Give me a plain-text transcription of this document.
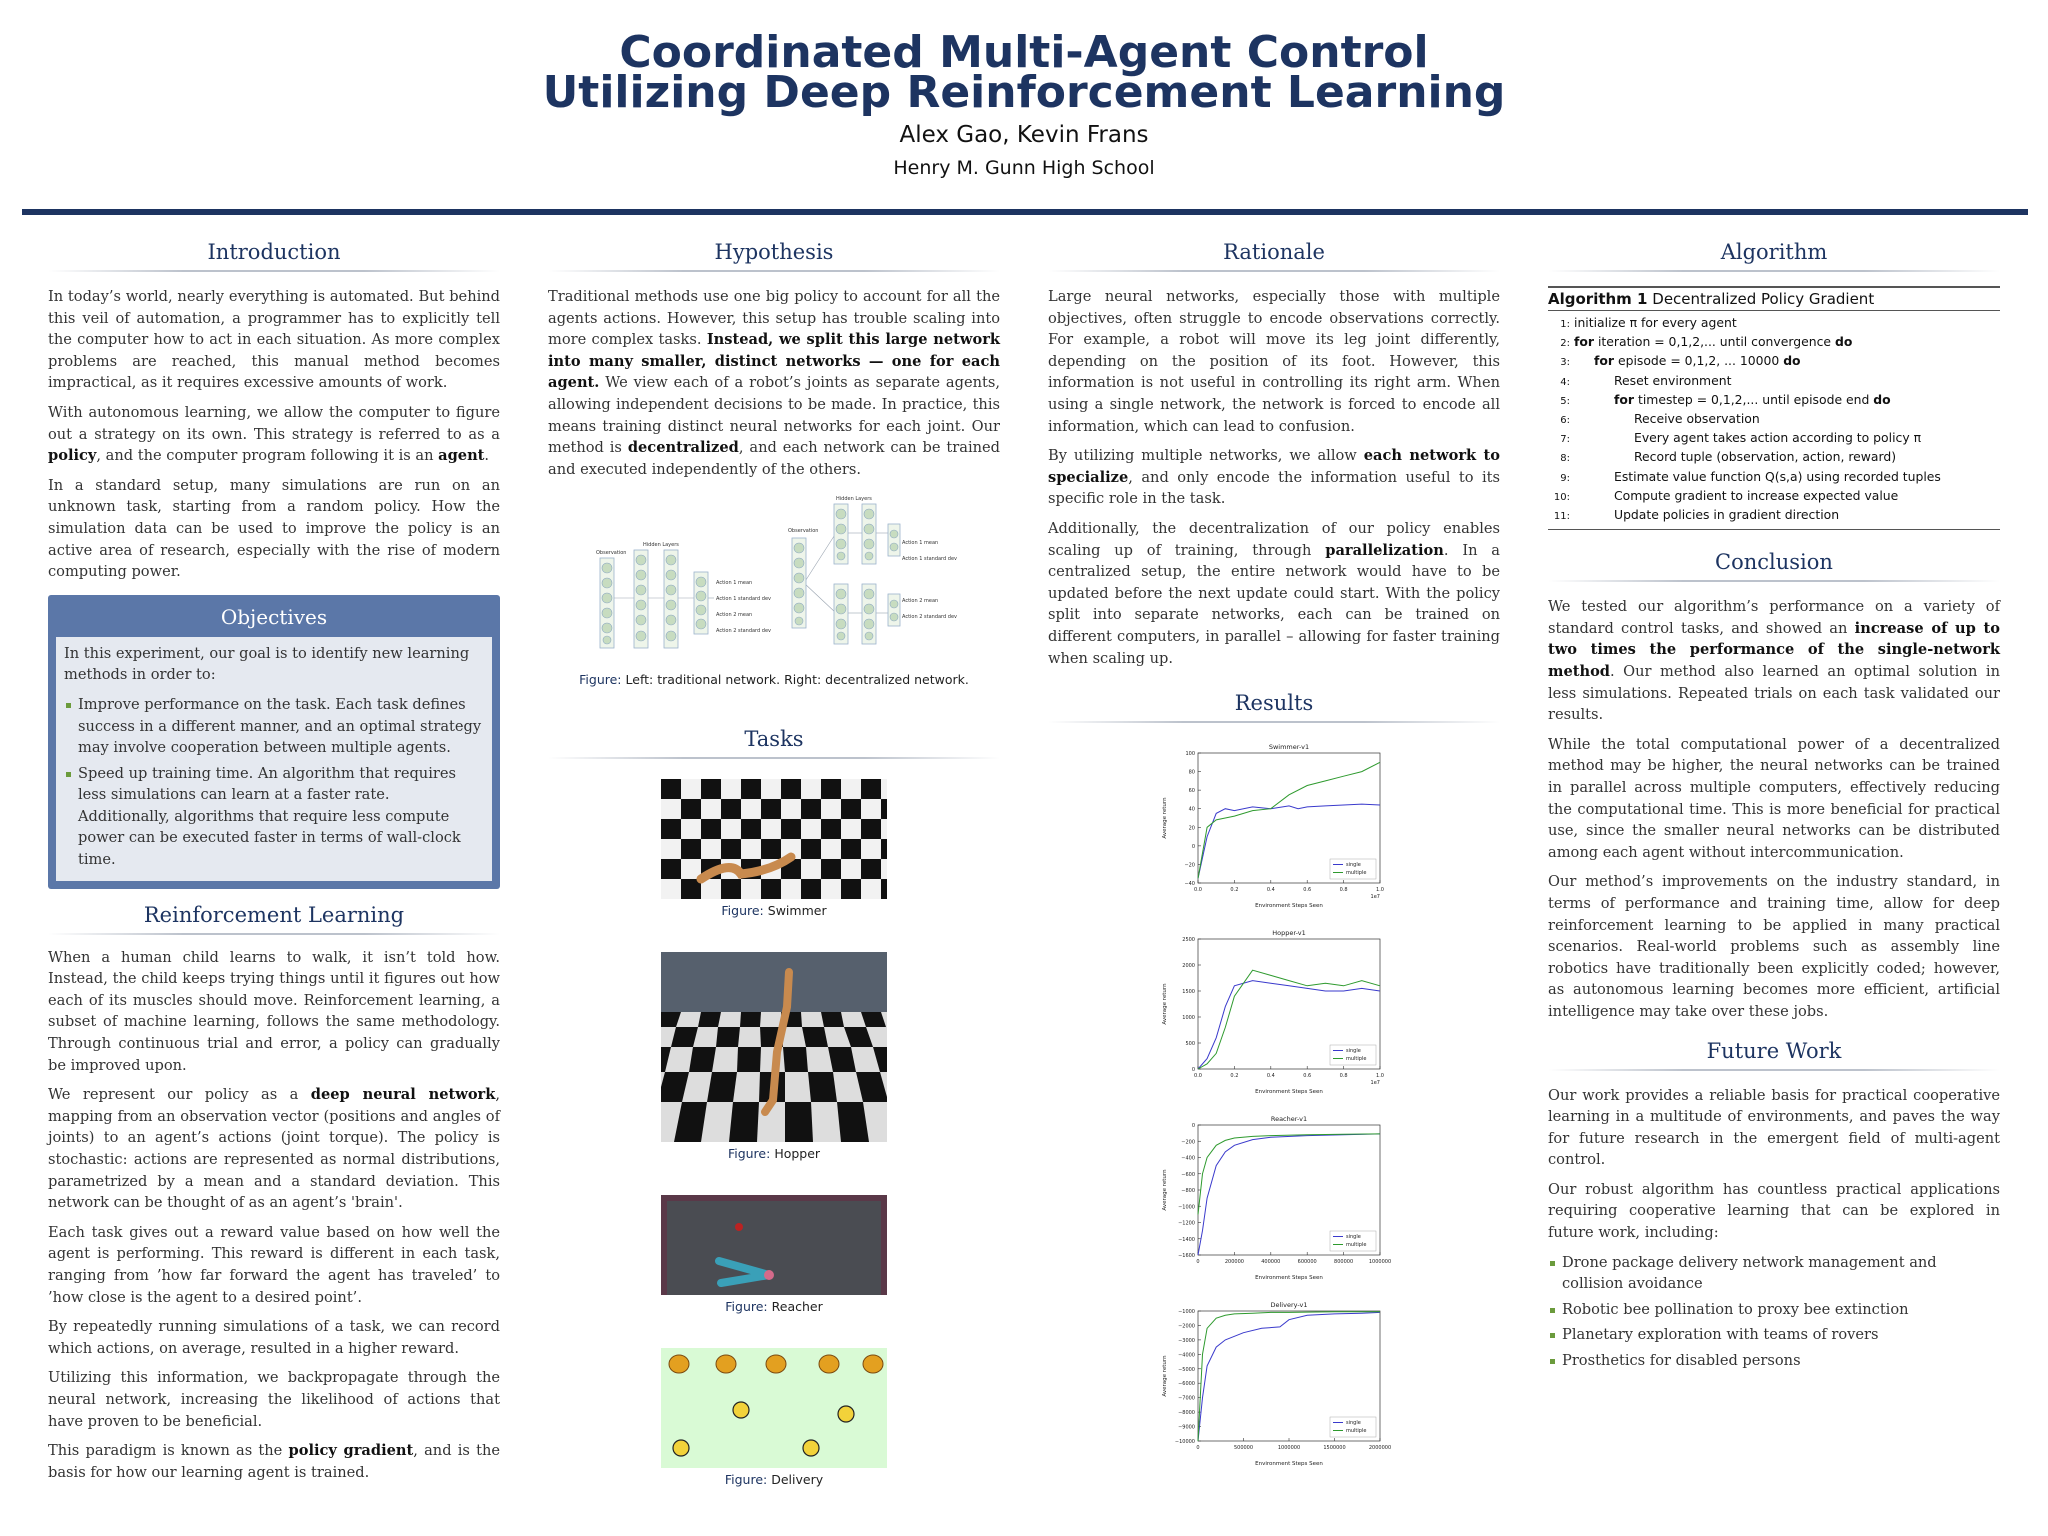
Coordinated Multi-Agent Control
Utilizing Deep Reinforcement Learning
Alex Gao, Kevin Frans
Henry M. Gunn High School
Introduction

In today’s world, nearly everything is automated. But behind this veil of automation, a programmer has to explicitly tell the computer how to act in each situation. As more complex problems are reached, this manual method becomes impractical, as it requires excessive amounts of work.

With autonomous learning, we allow the computer to figure out a strategy on its own. This strategy is referred to as a policy, and the computer program following it is an agent.

In a standard setup, many simulations are run on an unknown task, starting from a random policy. How the simulation data can be used to improve the policy is an active area of research, especially with the rise of modern computing power.

Objectives

In this experiment, our goal is to identify new learning methods in order to:

Improve performance on the task. Each task defines success in a different manner, and an optimal strategy may involve cooperation between multiple agents.
Speed up training time. An algorithm that requires less simulations can learn at a faster rate. Additionally, algorithms that require less compute power can be executed faster in terms of wall-clock time.
Reinforcement Learning

When a human child learns to walk, it isn’t told how. Instead, the child keeps trying things until it figures out how each of its muscles should move. Reinforcement learning, a subset of machine learning, follows the same methodology. Through continuous trial and error, a policy can gradually be improved upon.

We represent our policy as a deep neural network, mapping from an observation vector (positions and angles of joints) to an agent’s actions (joint torque). The policy is stochastic: actions are represented as normal distributions, parametrized by a mean and a standard deviation. This network can be thought of as an agent’s 'brain'.

Each task gives out a reward value based on how well the agent is performing. This reward is different in each task, ranging from ’how far forward the agent has traveled’ to ’how close is the agent to a desired point’.

By repeatedly running simulations of a task, we can record which actions, on average, resulted in a higher reward.

Utilizing this information, we backpropagate through the neural network, increasing the likelihood of actions that have proven to be beneficial.

This paradigm is known as the policy gradient, and is the basis for how our learning agent is trained.

Hypothesis

Traditional methods use one big policy to account for all the agents actions. However, this setup has trouble scaling into more complex tasks. Instead, we split this large network into many smaller, distinct networks — one for each agent. We view each of a robot’s joints as separate agents, allowing independent decisions to be made. In practice, this means training distinct neural networks for each joint. Our method is decentralized, and each network can be trained and executed independently of the others.

Observation
Hidden Layers
Observation
Hidden Layers
Action 1 mean
Action 1 standard dev
Action 2 mean
Action 2 standard dev
Action 1 mean
Action 1 standard dev
Action 2 mean
Action 2 standard dev
Figure: Left: traditional network. Right: decentralized network.
Tasks
Figure: Swimmer
Figure: Hopper
Figure: Reacher
Figure: Delivery
Rationale

Large neural networks, especially those with multiple objectives, often struggle to encode observations correctly. For example, a robot will move its leg joint differently, depending on the position of its foot. However, this information is not useful in controlling its right arm. When using a single network, the network is forced to encode all information, which can lead to confusion.

By utilizing multiple networks, we allow each network to specialize, and only encode the information useful to its specific role in the task.

Additionally, the decentralization of our policy enables scaling up of training, through parallelization. In a centralized setup, the entire network would have to be updated before the next update could start. With the policy split into separate networks, each can be trained on different computers, in parallel – allowing for faster training when scaling up.

Results
Swimmer-v1
0.0	0.2	0.4	0.6	0.8	1.0
−40
−20
0
20
40
60
80
100
1e7
Environment Steps Seen
Average return
single
multiple
Hopper-v1
0.0	0.2	0.4	0.6	0.8	1.0
0
500
1000
1500
2000
2500
1e7
Environment Steps Seen
Average return
single
multiple
Reacher-v1
0	200000	400000	600000	800000	1000000
−1600
−1400
−1200
−1000
−800
−600
−400
−200
0
Environment Steps Seen
Average return
single
multiple
Delivery-v1
0	500000	1000000	1500000	2000000
−10000
−9000
−8000
−7000
−6000
−5000
−4000
−3000
−2000
−1000
Environment Steps Seen
Average return
single
multiple
Algorithm
Algorithm 1 Decentralized Policy Gradient
1: initialize π for every agent
2: for iteration = 0,1,2,... until convergence do
3: for episode = 0,1,2, ... 10000 do
4:	Reset environment
5:	for timestep = 0,1,2,... until episode end do
6:	Receive observation
7:	Every agent takes action according to policy π
8:	Record tuple (observation, action, reward)
9:	Estimate value function Q(s,a) using recorded tuples
10:	Compute gradient to increase expected value
11:	Update policies in gradient direction
Conclusion

We tested our algorithm’s performance on a variety of standard control tasks, and showed an increase of up to two times the performance of the single-network method. Our method also learned an optimal solution in less simulations. Repeated trials on each task validated our results.

While the total computational power of a decentralized method may be higher, the neural networks can be trained in parallel across multiple computers, effectively reducing the computational time. This is more beneficial for practical use, since the smaller neural networks can be distributed among each agent without intercommunication.

Our method’s improvements on the industry standard, in terms of performance and training time, allow for deep reinforcement learning to be applied in many practical scenarios. Real-world problems such as assembly line robotics have traditionally been explicitly coded; however, as autonomous learning becomes more efficient, artificial intelligence may take over these jobs.

Future Work

Our work provides a reliable basis for practical cooperative learning in a multitude of environments, and paves the way for future research in the emergent field of multi-agent control.

Our robust algorithm has countless practical applications requiring cooperative learning that can be explored in future work, including:

Drone package delivery network management and collision avoidance
Robotic bee pollination to proxy bee extinction
Planetary exploration with teams of rovers
Prosthetics for disabled persons
